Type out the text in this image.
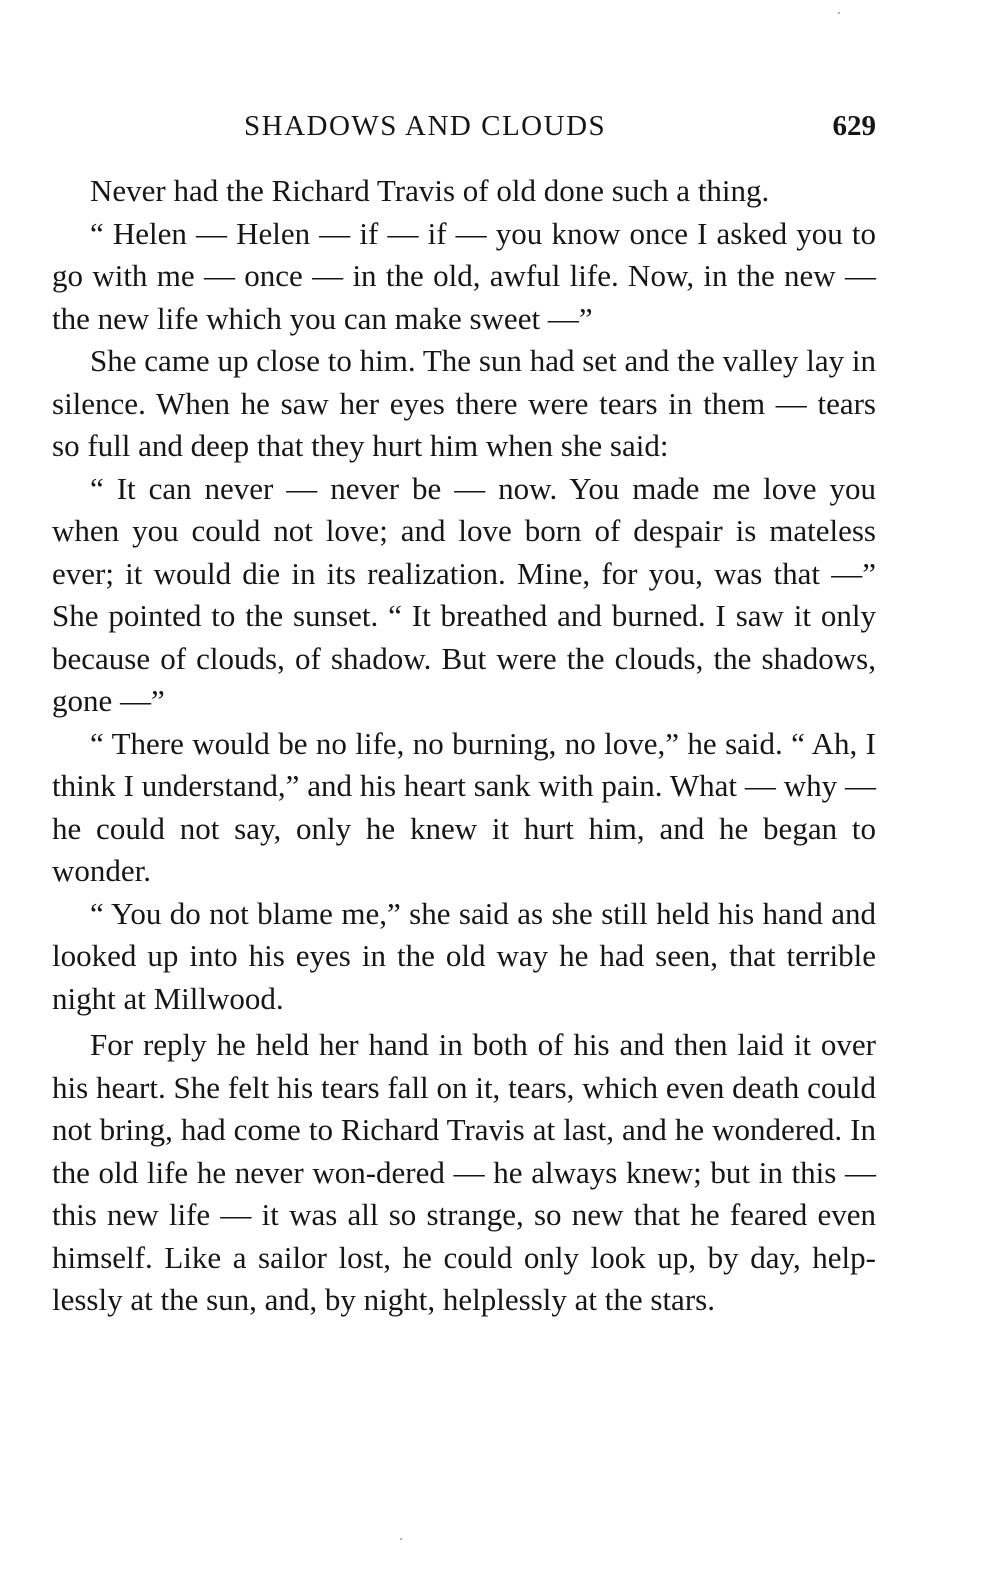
SHADOWS AND CLOUDS	629

Never had the Richard Travis of old done such a thing.

“ Helen — Helen — if — if — you know once I asked you to go with me — once — in the old, awful life. Now, in the new — the new life which you can make sweet —”

She came up close to him. The sun had set and the valley lay in silence. When he saw her eyes there were tears in them — tears so full and deep that they hurt him when she said:

“ It can never — never be — now. You made me love you when you could not love; and love born of despair is mateless ever; it would die in its realization. Mine, for you, was that —” She pointed to the sunset. “ It breathed and burned. I saw it only because of clouds, of shadow. But were the clouds, the shadows, gone —”

“ There would be no life, no burning, no love,” he said. “ Ah, I think I understand,” and his heart sank with pain. What — why — he could not say, only he knew it hurt him, and he began to wonder.

“ You do not blame me,” she said as she still held his hand and looked up into his eyes in the old way he had seen, that terrible night at Millwood.

For reply he held her hand in both of his and then laid it over his heart. She felt his tears fall on it, tears, which even death could not bring, had come to Richard Travis at last, and he wondered. In the old life he never won-dered — he always knew; but in this — this new life — it was all so strange, so new that he feared even himself. Like a sailor lost, he could only look up, by day, help-lessly at the sun, and, by night, helplessly at the stars.
